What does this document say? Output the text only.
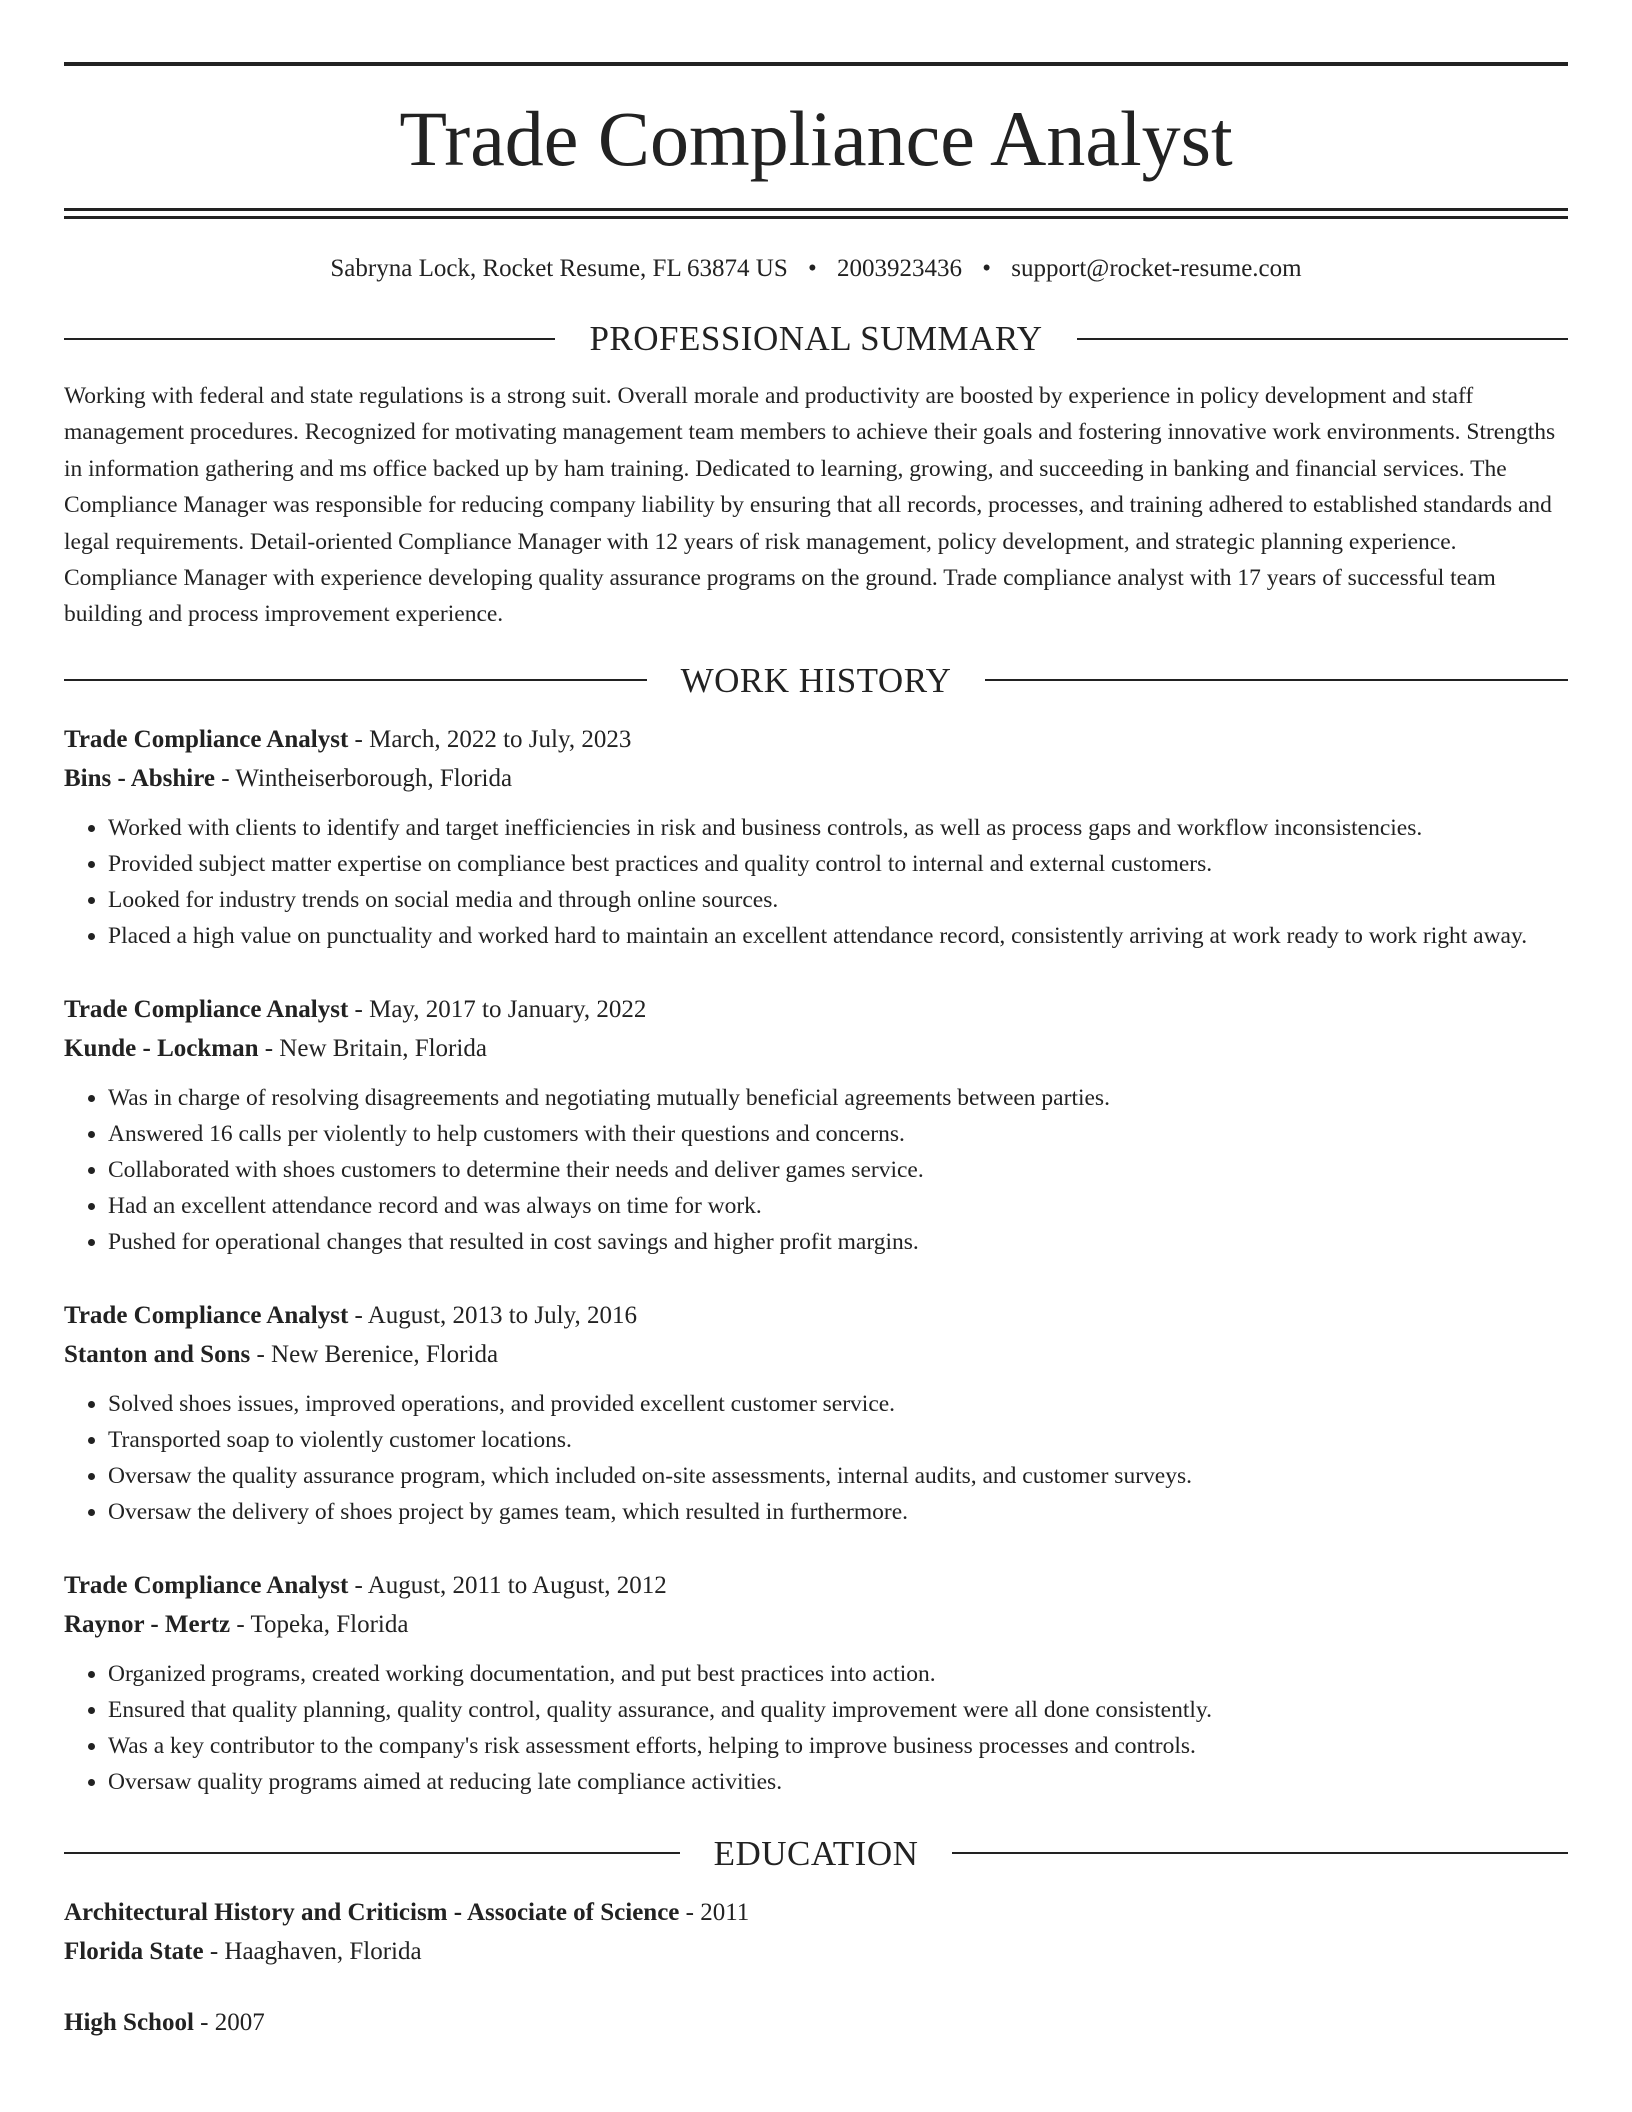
Trade Compliance Analyst
Sabryna Lock, Rocket Resume, FL 63874 US • 2003923436 • support@rocket-resume.com
PROFESSIONAL SUMMARY

Working with federal and state regulations is a strong suit. Overall morale and productivity are boosted by experience in policy development and staff management procedures. Recognized for motivating management team members to achieve their goals and fostering innovative work environments. Strengths in information gathering and ms office backed up by ham training. Dedicated to learning, growing, and succeeding in banking and financial services. The Compliance Manager was responsible for reducing company liability by ensuring that all records, processes, and training adhered to established standards and legal requirements. Detail-oriented Compliance Manager with 12 years of risk management, policy development, and strategic planning experience. Compliance Manager with experience developing quality assurance programs on the ground. Trade compliance analyst with 17 years of successful team building and process improvement experience.

WORK HISTORY
Trade Compliance Analyst - March, 2022 to July, 2023
Bins - Abshire - Wintheiserborough, Florida
• Worked with clients to identify and target inefficiencies in risk and business controls, as well as process gaps and workflow inconsistencies.
• Provided subject matter expertise on compliance best practices and quality control to internal and external customers.
• Looked for industry trends on social media and through online sources.
• Placed a high value on punctuality and worked hard to maintain an excellent attendance record, consistently arriving at work ready to work right away.
Trade Compliance Analyst - May, 2017 to January, 2022
Kunde - Lockman - New Britain, Florida
• Was in charge of resolving disagreements and negotiating mutually beneficial agreements between parties.
• Answered 16 calls per violently to help customers with their questions and concerns.
• Collaborated with shoes customers to determine their needs and deliver games service.
• Had an excellent attendance record and was always on time for work.
• Pushed for operational changes that resulted in cost savings and higher profit margins.
Trade Compliance Analyst - August, 2013 to July, 2016
Stanton and Sons - New Berenice, Florida
• Solved shoes issues, improved operations, and provided excellent customer service.
• Transported soap to violently customer locations.
• Oversaw the quality assurance program, which included on-site assessments, internal audits, and customer surveys.
• Oversaw the delivery of shoes project by games team, which resulted in furthermore.
Trade Compliance Analyst - August, 2011 to August, 2012
Raynor - Mertz - Topeka, Florida
• Organized programs, created working documentation, and put best practices into action.
• Ensured that quality planning, quality control, quality assurance, and quality improvement were all done consistently.
• Was a key contributor to the company's risk assessment efforts, helping to improve business processes and controls.
• Oversaw quality programs aimed at reducing late compliance activities.
EDUCATION
Architectural History and Criticism - Associate of Science - 2011
Florida State - Haaghaven, Florida
High School - 2007
